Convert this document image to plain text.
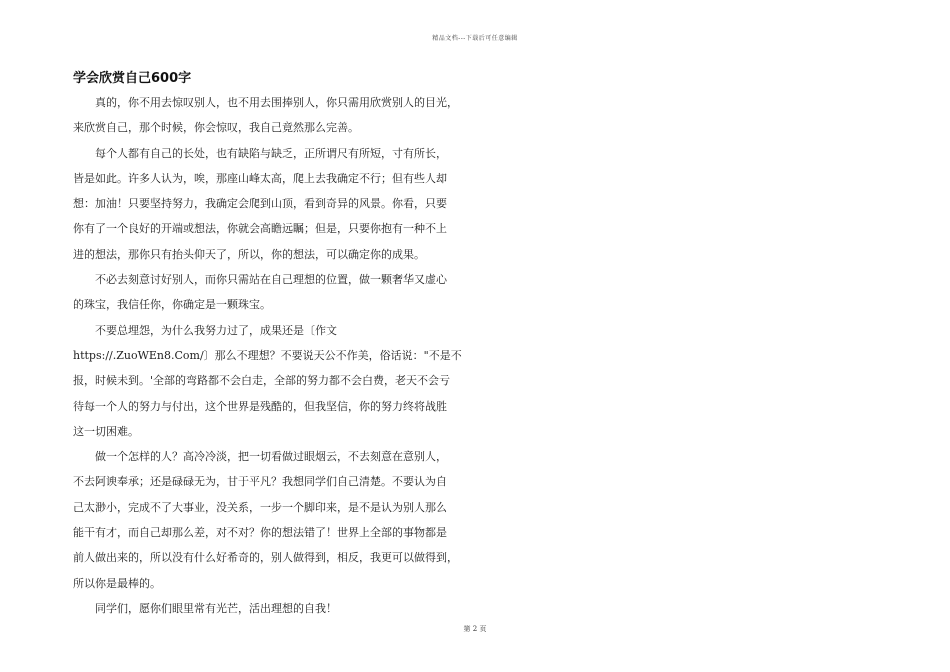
精品文档---下载后可任意编辑
学会欣赏自己600字
真的，你不用去惊叹别人，也不用去围捧别人，你只需用欣赏别人的目光，
来欣赏自己，那个时候，你会惊叹，我自己竟然那么完善。
每个人都有自己的长处，也有缺陷与缺乏，正所谓尺有所短，寸有所长，
皆是如此。许多人认为，唉，那座山峰太高，爬上去我确定不行；但有些人却
想：加油！只要坚持努力，我确定会爬到山顶，看到奇异的风景。你看，只要
你有了一个良好的开端或想法，你就会高瞻远瞩；但是，只要你抱有一种不上
进的想法，那你只有抬头仰天了，所以，你的想法，可以确定你的成果。
不必去刻意讨好别人，而你只需站在自己理想的位置，做一颗奢华又虚心
的珠宝，我信任你，你确定是一颗珠宝。
不要总埋怨，为什么我努力过了，成果还是〔作文
https://.ZuoWEn8.Com/〕那么不理想？不要说天公不作美，俗话说："不是不
报，时候未到。'全部的弯路都不会白走，全部的努力都不会白费，老天不会亏
待每一个人的努力与付出，这个世界是残酷的，但我坚信，你的努力终将战胜
这一切困难。
做一个怎样的人？高冷冷淡，把一切看做过眼烟云，不去刻意在意别人，
不去阿谀奉承；还是碌碌无为，甘于平凡？我想同学们自己清楚。不要认为自
己太渺小，完成不了大事业，没关系，一步一个脚印来，是不是认为别人那么
能干有才，而自己却那么差，对不对？你的想法错了！世界上全部的事物都是
前人做出来的，所以没有什么好希奇的，别人做得到，相反，我更可以做得到，
所以你是最棒的。
同学们，愿你们眼里常有光芒，活出理想的自我！
第 2 页
